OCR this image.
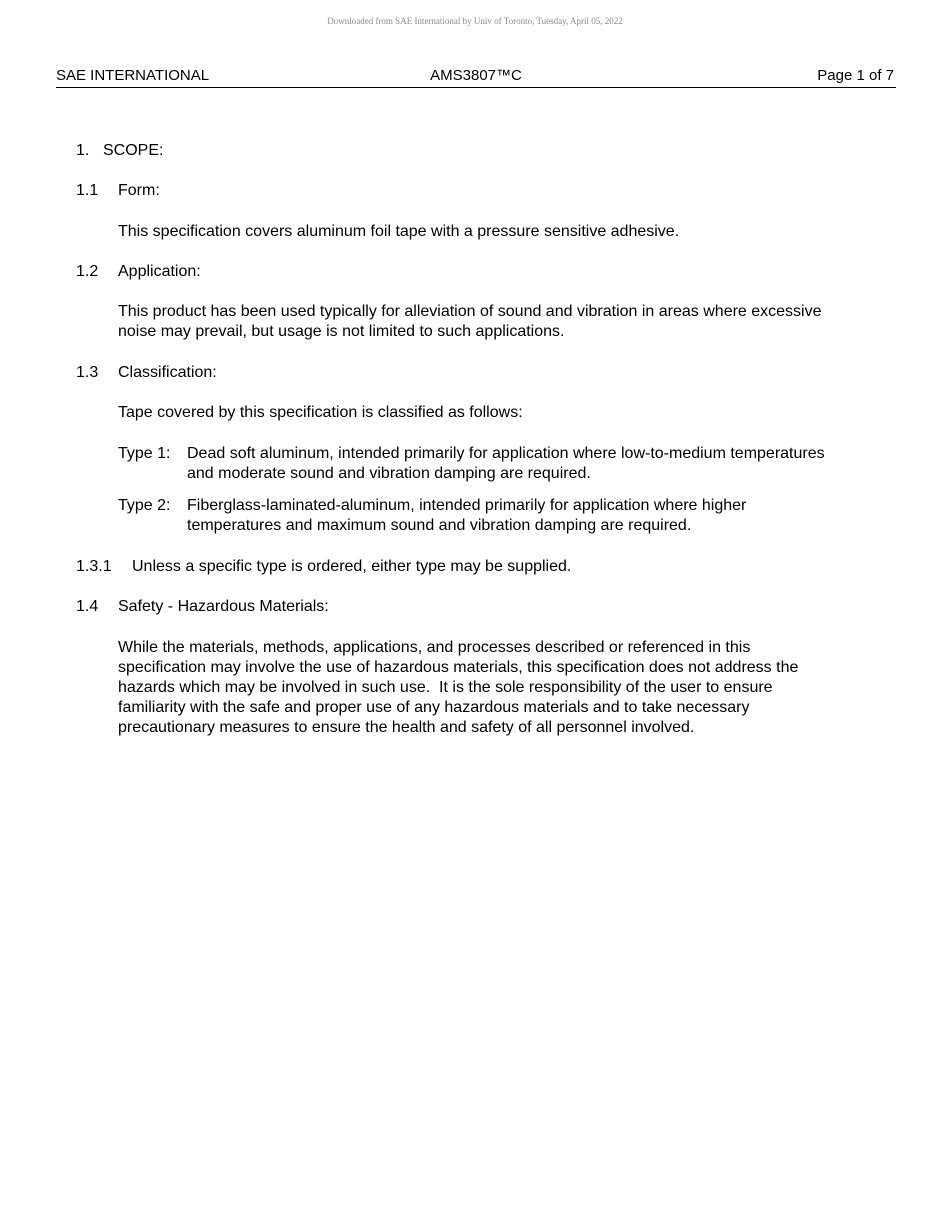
Downloaded from SAE International by Univ of Toronto, Tuesday, April 05, 2022
SAE INTERNATIONAL	AMS3807™C	Page 1 of 7
1. SCOPE:
1.1 Form:
This specification covers aluminum foil tape with a pressure sensitive adhesive.
1.2 Application:
This product has been used typically for alleviation of sound and vibration in areas where excessive
noise may prevail, but usage is not limited to such applications.
1.3 Classification:
Tape covered by this specification is classified as follows:
Type 1: Dead soft aluminum, intended primarily for application where low-to-medium temperatures
and moderate sound and vibration damping are required.
Type 2: Fiberglass-laminated-aluminum, intended primarily for application where higher
temperatures and maximum sound and vibration damping are required.
1.3.1 Unless a specific type is ordered, either type may be supplied.
1.4 Safety - Hazardous Materials:
While the materials, methods, applications, and processes described or referenced in this
specification may involve the use of hazardous materials, this specification does not address the
hazards which may be involved in such use.  It is the sole responsibility of the user to ensure
familiarity with the safe and proper use of any hazardous materials and to take necessary
precautionary measures to ensure the health and safety of all personnel involved.
